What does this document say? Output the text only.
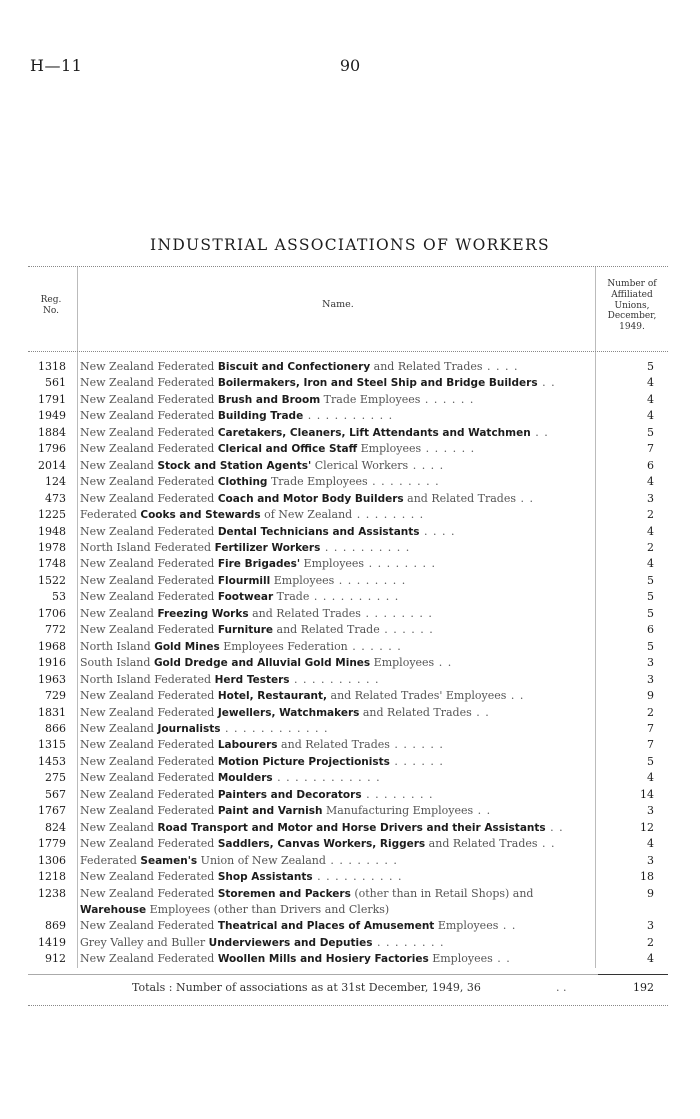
H—11	90
INDUSTRIAL ASSOCIATIONS OF WORKERS
Reg.
No.
Name.
Number of
Affiliated
Unions,
December,
1949.
1318	New Zealand Federated Biscuit and Confectionery and Related Trades . . . .	5
561	New Zealand Federated Boilermakers, Iron and Steel Ship and Bridge Builders . .	4
1791	New Zealand Federated Brush and Broom Trade Employees . . . . . .	4
1949	New Zealand Federated Building Trade . . . . . . . . . .	4
1884	New Zealand Federated Caretakers, Cleaners, Lift Attendants and Watchmen . .	5
1796	New Zealand Federated Clerical and Office Staff Employees . . . . . .	7
2014	New Zealand Stock and Station Agents' Clerical Workers . . . .	6
124	New Zealand Federated Clothing Trade Employees . . . . . . . .	4
473	New Zealand Federated Coach and Motor Body Builders and Related Trades . .	3
1225	Federated Cooks and Stewards of New Zealand . . . . . . . .	2
1948	New Zealand Federated Dental Technicians and Assistants . . . .	4
1978	North Island Federated Fertilizer Workers . . . . . . . . . .	2
1748	New Zealand Federated Fire Brigades' Employees . . . . . . . .	4
1522	New Zealand Federated Flourmill Employees . . . . . . . .	5
53	New Zealand Federated Footwear Trade . . . . . . . . . .	5
1706	New Zealand Freezing Works and Related Trades . . . . . . . .	5
772	New Zealand Federated Furniture and Related Trade . . . . . .	6
1968	North Island Gold Mines Employees Federation . . . . . .	5
1916	South Island Gold Dredge and Alluvial Gold Mines Employees . .	3
1963	North Island Federated Herd Testers . . . . . . . . . .	3
729	New Zealand Federated Hotel, Restaurant, and Related Trades' Employees . .	9
1831	New Zealand Federated Jewellers, Watchmakers and Related Trades . .	2
866	New Zealand Journalists . . . . . . . . . . . .	7
1315	New Zealand Federated Labourers and Related Trades . . . . . .	7
1453	New Zealand Federated Motion Picture Projectionists . . . . . .	5
275	New Zealand Federated Moulders . . . . . . . . . . . .	4
567	New Zealand Federated Painters and Decorators . . . . . . . .	14
1767	New Zealand Federated Paint and Varnish Manufacturing Employees . .	3
824	New Zealand Road Transport and Motor and Horse Drivers and their Assistants . .	12
1779	New Zealand Federated Saddlers, Canvas Workers, Riggers and Related Trades . .	4
1306	Federated Seamen's Union of New Zealand . . . . . . . .	3
1218	New Zealand Federated Shop Assistants . . . . . . . . . .	18
1238	New Zealand Federated Storemen and Packers (other than in Retail Shops) and	9
Warehouse Employees (other than Drivers and Clerks)
869	New Zealand Federated Theatrical and Places of Amusement Employees . .	3
1419	Grey Valley and Buller Underviewers and Deputies . . . . . . . .	2
912	New Zealand Federated Woollen Mills and Hosiery Factories Employees . .	4
Totals : Number of associations as at 31st December, 1949, 36	. .	192
